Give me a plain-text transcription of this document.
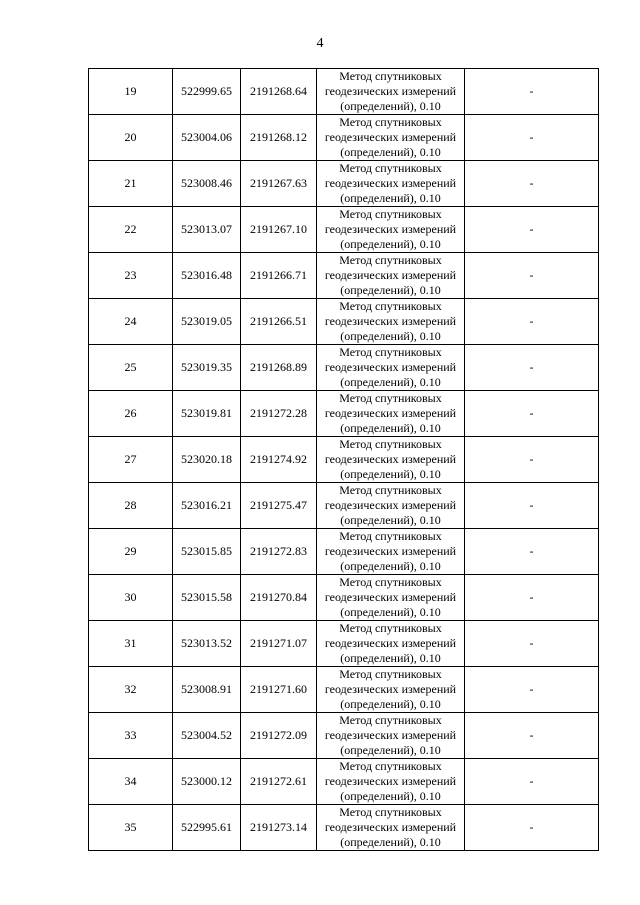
4
19	522999.65	2191268.64	Метод спутниковых
геодезических измерений
(определений), 0.10	-
20	523004.06	2191268.12	Метод спутниковых
геодезических измерений
(определений), 0.10	-
21	523008.46	2191267.63	Метод спутниковых
геодезических измерений
(определений), 0.10	-
22	523013.07	2191267.10	Метод спутниковых
геодезических измерений
(определений), 0.10	-
23	523016.48	2191266.71	Метод спутниковых
геодезических измерений
(определений), 0.10	-
24	523019.05	2191266.51	Метод спутниковых
геодезических измерений
(определений), 0.10	-
25	523019.35	2191268.89	Метод спутниковых
геодезических измерений
(определений), 0.10	-
26	523019.81	2191272.28	Метод спутниковых
геодезических измерений
(определений), 0.10	-
27	523020.18	2191274.92	Метод спутниковых
геодезических измерений
(определений), 0.10	-
28	523016.21	2191275.47	Метод спутниковых
геодезических измерений
(определений), 0.10	-
29	523015.85	2191272.83	Метод спутниковых
геодезических измерений
(определений), 0.10	-
30	523015.58	2191270.84	Метод спутниковых
геодезических измерений
(определений), 0.10	-
31	523013.52	2191271.07	Метод спутниковых
геодезических измерений
(определений), 0.10	-
32	523008.91	2191271.60	Метод спутниковых
геодезических измерений
(определений), 0.10	-
33	523004.52	2191272.09	Метод спутниковых
геодезических измерений
(определений), 0.10	-
34	523000.12	2191272.61	Метод спутниковых
геодезических измерений
(определений), 0.10	-
35	522995.61	2191273.14	Метод спутниковых
геодезических измерений
(определений), 0.10	-
